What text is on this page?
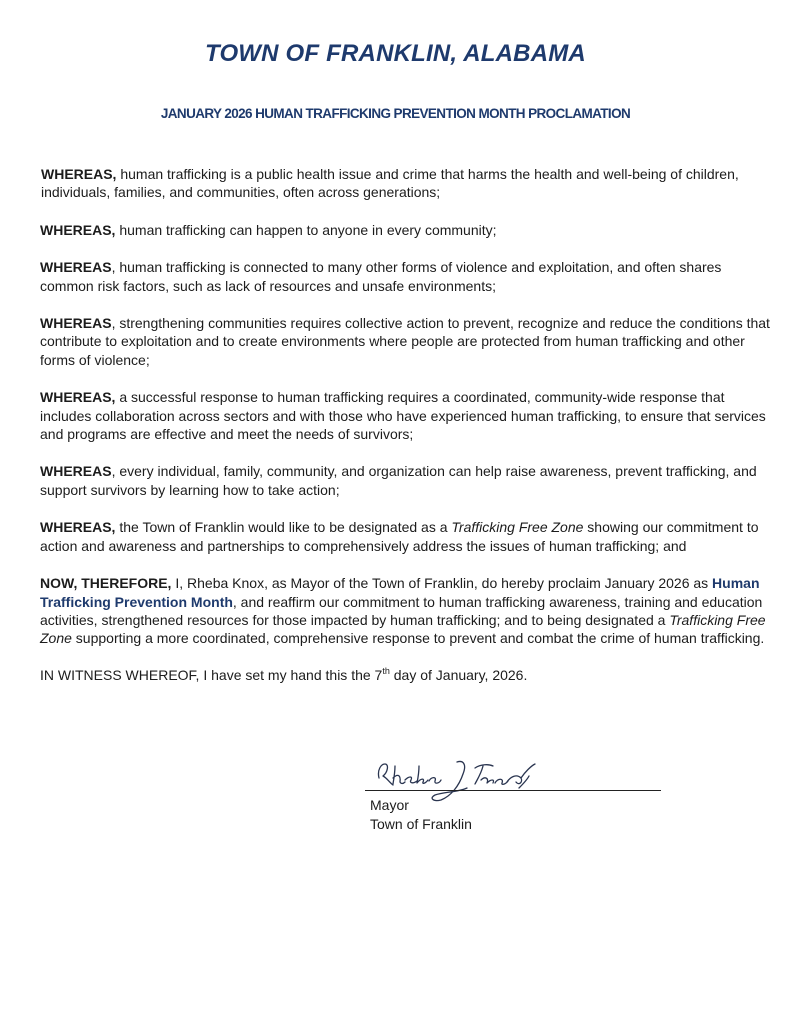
TOWN OF FRANKLIN, ALABAMA
JANUARY 2026 HUMAN TRAFFICKING PREVENTION MONTH PROCLAMATION

WHEREAS, human trafficking is a public health issue and crime that harms the health and well-being of children, individuals, families, and communities, often across generations;

WHEREAS, human trafficking can happen to anyone in every community;

WHEREAS, human trafficking is connected to many other forms of violence and exploitation, and often shares common risk factors, such as lack of resources and unsafe environments;

WHEREAS, strengthening communities requires collective action to prevent, recognize and reduce the conditions that contribute to exploitation and to create environments where people are protected from human trafficking and other forms of violence;

WHEREAS, a successful response to human trafficking requires a coordinated, community-wide response that includes collaboration across sectors and with those who have experienced human trafficking, to ensure that services and programs are effective and meet the needs of survivors;

WHEREAS, every individual, family, community, and organization can help raise awareness, prevent trafficking, and support survivors by learning how to take action;

WHEREAS, the Town of Franklin would like to be designated as a Trafficking Free Zone showing our commitment to action and awareness and partnerships to comprehensively address the issues of human trafficking; and

NOW, THEREFORE, I, Rheba Knox, as Mayor of the Town of Franklin, do hereby proclaim January 2026 as Human Trafficking Prevention Month, and reaffirm our commitment to human trafficking awareness, training and education activities, strengthened resources for those impacted by human trafficking; and to being designated a Trafficking Free Zone supporting a more coordinated, comprehensive response to prevent and combat the crime of human trafficking.

IN WITNESS WHEREOF, I have set my hand this the 7th day of January, 2026.

Mayor
Town of Franklin
